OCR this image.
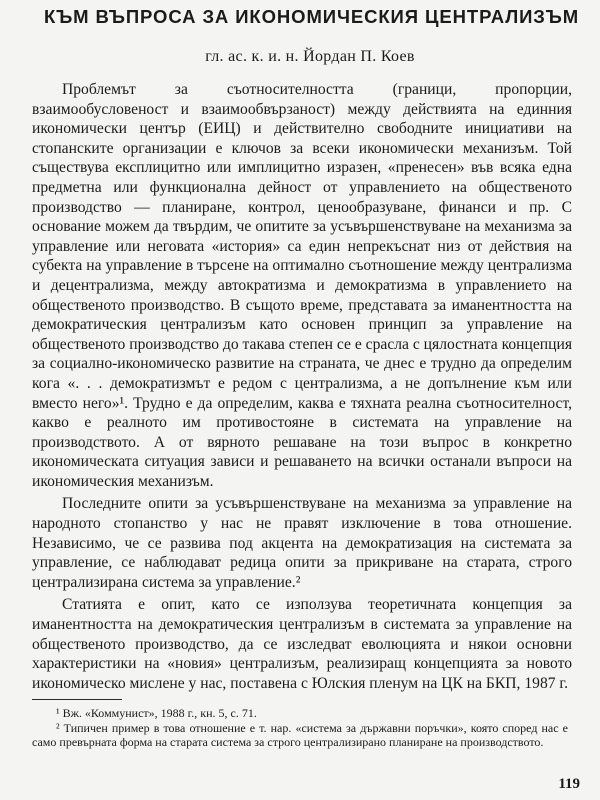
КЪМ ВЪПРОСА ЗА ИКОНОМИЧЕСКИЯ ЦЕНТРАЛИЗЪМ
гл. ас. к. и. н. Йордан П. Коев

Проблемът за съотносителността (граници, пропорции, взаимообусловеност и взаимообвързаност) между действията на единния икономически център (ЕИЦ) и действително свободните инициативи на стопанските организации е ключов за всеки икономически механизъм. Той съществува експлицитно или имплицитно изразен, «пренесен» във всяка една предметна или функционална дейност от управлението на общественото производство — планиране, контрол, ценообразуване, финанси и пр. С основание можем да твърдим, че опитите за усъвършенствуване на механизма за управление или неговата «история» са един непрекъснат низ от действия на субекта на управление в търсене на оптимално съотношение между централизма и децентрализма, между автократизма и демократизма в управлението на общественото производство. В същото време, представата за иманентността на демократическия централизъм като основен принцип за управление на общественото производство до такава степен се е срасла с цялостната концепция за социално-икономическо развитие на страната, че днес е трудно да определим кога «. . . демократизмът е редом с централизма, а не допълнение към или вместо него»¹. Трудно е да определим, каква е тяхната реална съотносителност, какво е реалното им противостояне в системата на управление на производството. А от вярното решаване на този въпрос в конкретно икономическата ситуация зависи и решаването на всички останали въпроси на икономическия механизъм.

Последните опити за усъвършенствуване на механизма за управление на народното стопанство у нас не правят изключение в това отношение. Независимо, че се развива под акцента на демократизация на системата за управление, се наблюдават редица опити за прикриване на старата, строго централизирана система за управление.²

Статията е опит, като се използува теоретичната концепция за иманентността на демократическия централизъм в системата за управление на общественото производство, да се изследват еволюцията и някои основни характеристики на «новия» централизъм, реализиращ концепцията за новото икономическо мислене у нас, поставена с Юлския пленум на ЦК на БКП, 1987 г.

¹ Вж. «Коммунист», 1988 г., кн. 5, с. 71.

² Типичен пример в това отношение е т. нар. «система за държавни поръчки», която според нас е само превърната форма на старата система за строго централизирано планиране на производството.

119
